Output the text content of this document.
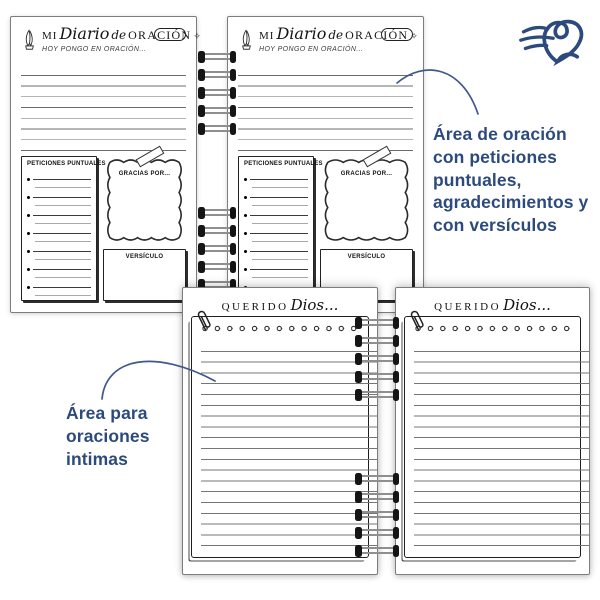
MI Diario de ORACIÓN ✧
HOY PONGO EN ORACIÓN...
PETICIONES PUNTUALES
GRACIAS POR...
VERSÍCULO
MI Diario de ORACIÓN ✧
HOY PONGO EN ORACIÓN...
PETICIONES PUNTUALES
GRACIAS POR...
VERSÍCULO
QUERIDO Dios...	QUERIDO Dios...
Área de oración con peticiones puntuales, agradecimientos y con versículos
Área para oraciones intimas
